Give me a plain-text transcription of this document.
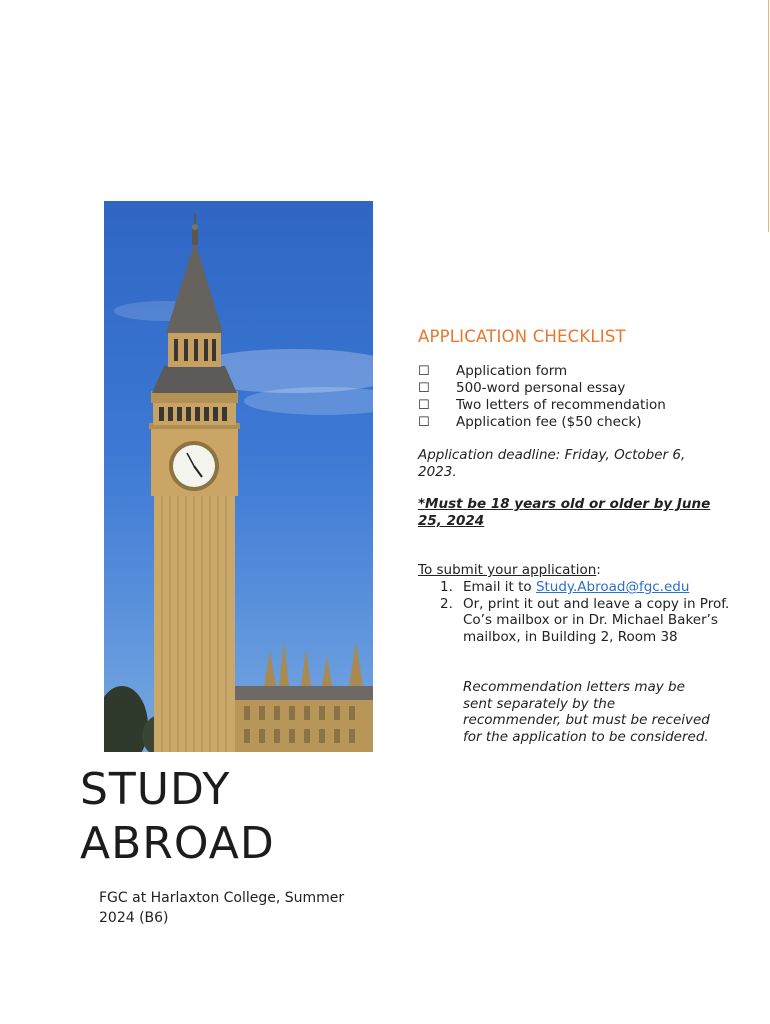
STUDY
ABROAD

FGC at Harlaxton College, Summer 2024 (B6)

APPLICATION CHECKLIST
☐	Application form
☐	500-word personal essay
☐	Two letters of recommendation
☐	Application fee ($50 check)

Application deadline: Friday, October 6, 2023.

*Must be 18 years old or older by June 25, 2024

To submit your application:

1. Email it to Study.Abroad@fgc.edu
2. Or, print it out and leave a copy in Prof. Co’s mailbox or in Dr. Michael Baker’s mailbox, in Building 2, Room 38

Recommendation letters may be sent separately by the recommender, but must be received for the application to be considered.
